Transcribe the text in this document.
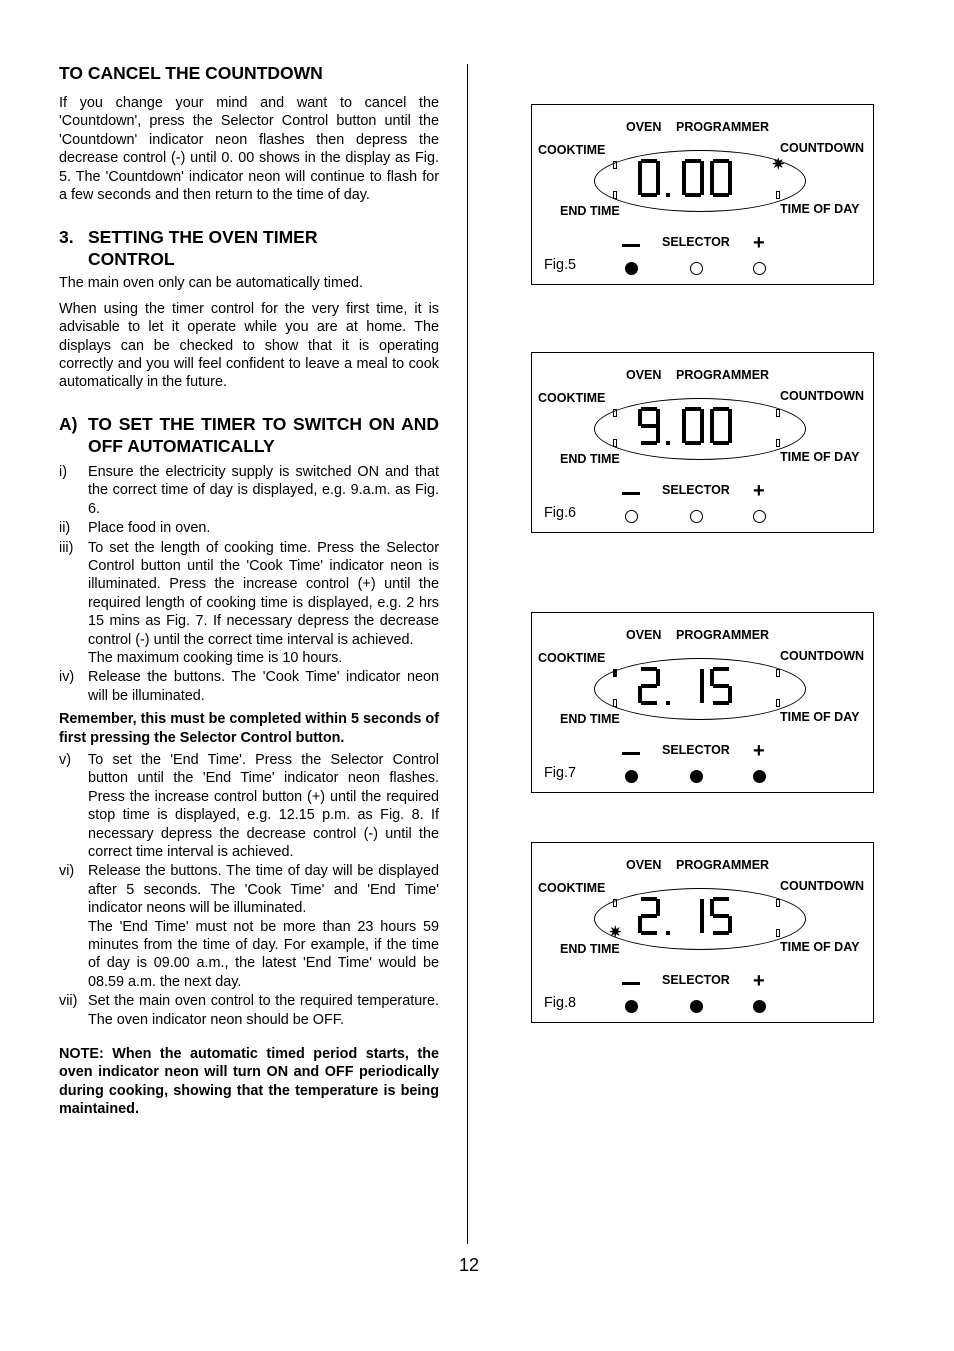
TO CANCEL THE COUNTDOWN

If you change your mind and want to cancel the 'Countdown', press the Selector Control button until the 'Countdown' indicator neon flashes then depress the decrease control (-) until 0. 00 shows in the display as Fig. 5. The 'Countdown' indicator neon will continue to flash for a few seconds and then return to the time of day.

3. SETTING THE OVEN TIMER CONTROL

The main oven only can be automatically timed.

When using the timer control for the very first time, it is advisable to let it operate while you are at home. The displays can be checked to show that it is operating correctly and you will feel confident to leave a meal to cook automatically in the future.

A) TO SET THE TIMER TO SWITCH ON AND OFF AUTOMATICALLY
i)	Ensure the electricity supply is switched ON and that the correct time of day is displayed, e.g. 9.a.m. as Fig. 6.
ii)	Place food in oven.
iii)	To set the length of cooking time. Press the Selector Control button until the 'Cook Time' indicator neon is illuminated. Press the increase control (+) until the required length of cooking time is displayed, e.g. 2 hrs 15 mins as Fig. 7. If necessary depress the decrease control (-) until the correct time interval is achieved.
The maximum cooking time is 10 hours.
iv) Release the buttons. The 'Cook Time' indicator neon will be illuminated.

Remember, this must be completed within 5 seconds of first pressing the Selector Control button.

v)	To set the 'End Time'. Press the Selector Control button until the 'End Time' indicator neon flashes. Press the increase control button (+) until the required stop time is displayed, e.g. 12.15 p.m. as Fig. 8. If necessary depress the decrease control (-) until the correct time interval is achieved.
vi) Release the buttons. The time of day will be displayed after 5 seconds. The 'Cook Time' and 'End Time' indicator neons will be illuminated.
The 'End Time' must not be more than 23 hours 59 minutes from the time of day. For example, if the time of day is 09.00 a.m., the latest 'End Time' would be 08.59 a.m. the next day.
vii) Set the main oven control to the required temperature. The oven indicator neon should be OFF.

NOTE: When the automatic timed period starts, the oven indicator neon will turn ON and OFF periodically during cooking, showing that the temperature is being maintained.

OVEN PROGRAMMER
COOKTIME	COUNTDOWN
END TIME	TIME OF DAY
SELECTOR +
Fig.5
✷
OVEN PROGRAMMER
COOKTIME	COUNTDOWN
END TIME	TIME OF DAY
SELECTOR +
Fig.6
OVEN PROGRAMMER
COOKTIME	COUNTDOWN
END TIME	TIME OF DAY
SELECTOR +
Fig.7
OVEN PROGRAMMER
COOKTIME	COUNTDOWN
END TIME	TIME OF DAY
SELECTOR +
Fig.8
✷
12
